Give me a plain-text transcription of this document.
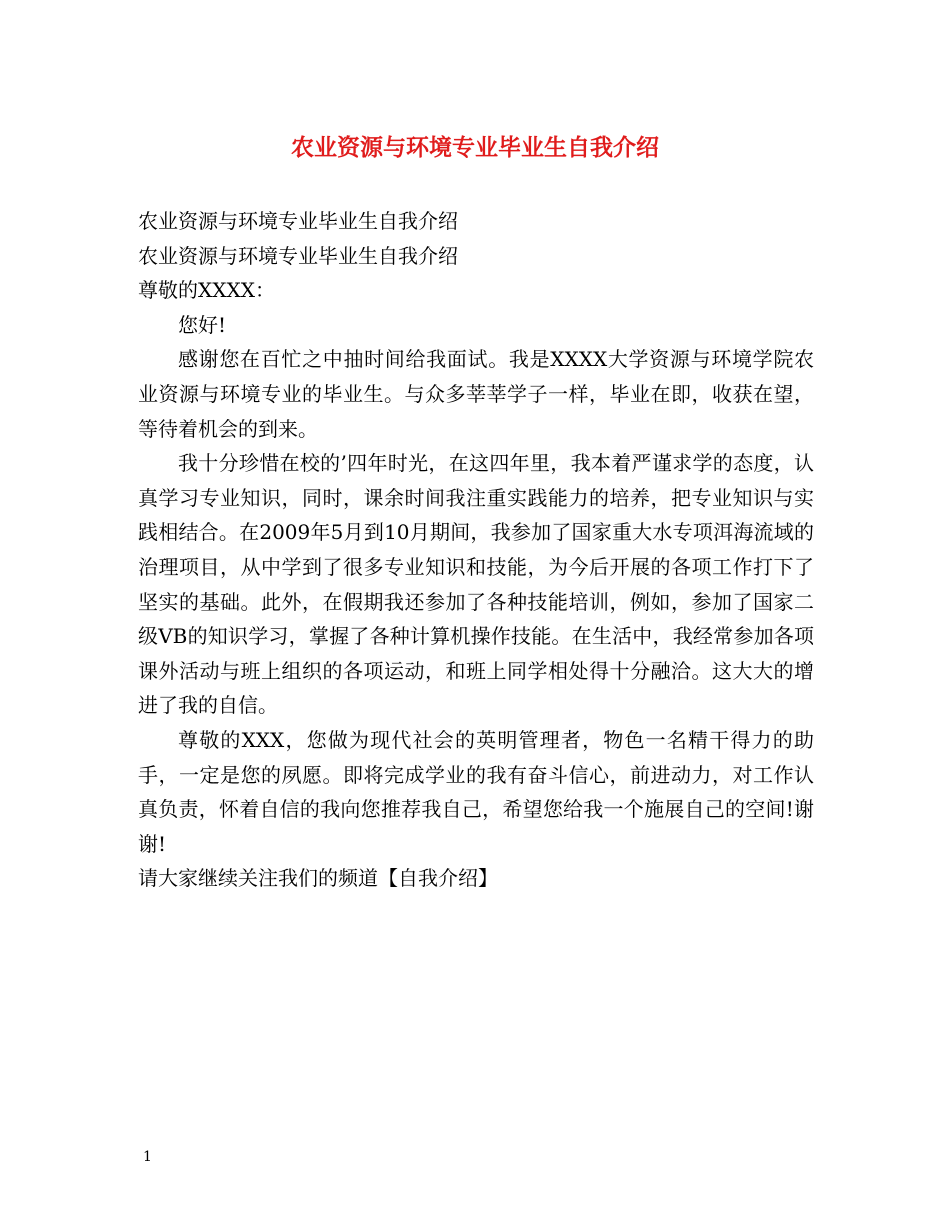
农业资源与环境专业毕业生自我介绍

农业资源与环境专业毕业生自我介绍

农业资源与环境专业毕业生自我介绍

尊敬的XXXX：

您好!

感谢您在百忙之中抽时间给我面试。我是XXXX大学资源与环境学院农业资源与环境专业的毕业生。与众多莘莘学子一样，毕业在即，收获在望，等待着机会的到来。

我十分珍惜在校的’四年时光，在这四年里，我本着严谨求学的态度，认真学习专业知识，同时，课余时间我注重实践能力的培养，把专业知识与实践相结合。在2009年5月到10月期间，我参加了国家重大水专项洱海流域的治理项目，从中学到了很多专业知识和技能，为今后开展的各项工作打下了坚实的基础。此外，在假期我还参加了各种技能培训，例如，参加了国家二级VB的知识学习，掌握了各种计算机操作技能。在生活中，我经常参加各项课外活动与班上组织的各项运动，和班上同学相处得十分融洽。这大大的增进了我的自信。

尊敬的XXX，您做为现代社会的英明管理者，物色一名精干得力的助手，一定是您的夙愿。即将完成学业的我有奋斗信心，前进动力，对工作认真负责，怀着自信的我向您推荐我自己，希望您给我一个施展自己的空间!谢谢!

请大家继续关注我们的频道【自我介绍】

1
